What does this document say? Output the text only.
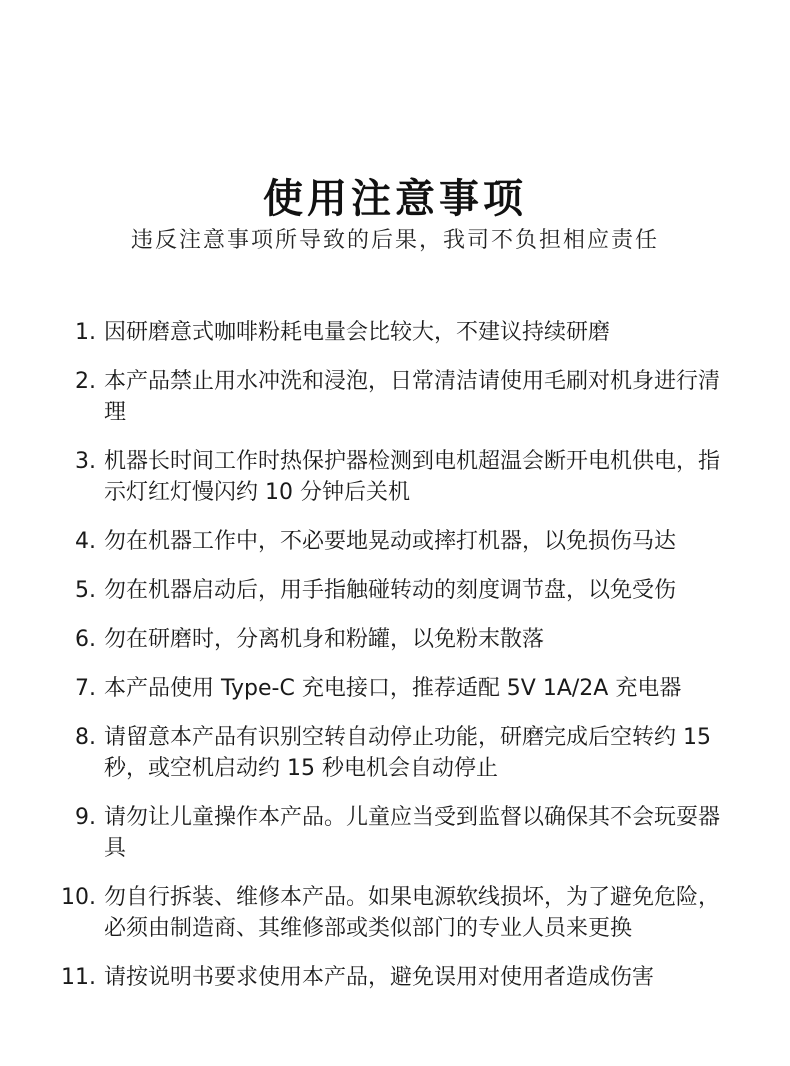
使用注意事项
违反注意事项所导致的后果，我司不负担相应责任
1. 因研磨意式咖啡粉耗电量会比较大，不建议持续研磨
2. 本产品禁止用水冲洗和浸泡，日常清洁请使用毛刷对机身进行清理
3. 机器长时间工作时热保护器检测到电机超温会断开电机供电，指示灯红灯慢闪约 10 分钟后关机
4. 勿在机器工作中，不必要地晃动或摔打机器，以免损伤马达
5. 勿在机器启动后，用手指触碰转动的刻度调节盘，以免受伤
6. 勿在研磨时，分离机身和粉罐，以免粉末散落
7. 本产品使用 Type-C 充电接口，推荐适配 5V 1A/2A 充电器
8. 请留意本产品有识别空转自动停止功能，研磨完成后空转约 15 秒，或空机启动约 15 秒电机会自动停止
9. 请勿让儿童操作本产品。儿童应当受到监督以确保其不会玩耍器具
10. 勿自行拆装、维修本产品。如果电源软线损坏，为了避免危险，必须由制造商、其维修部或类似部门的专业人员来更换
11. 请按说明书要求使用本产品，避免误用对使用者造成伤害
